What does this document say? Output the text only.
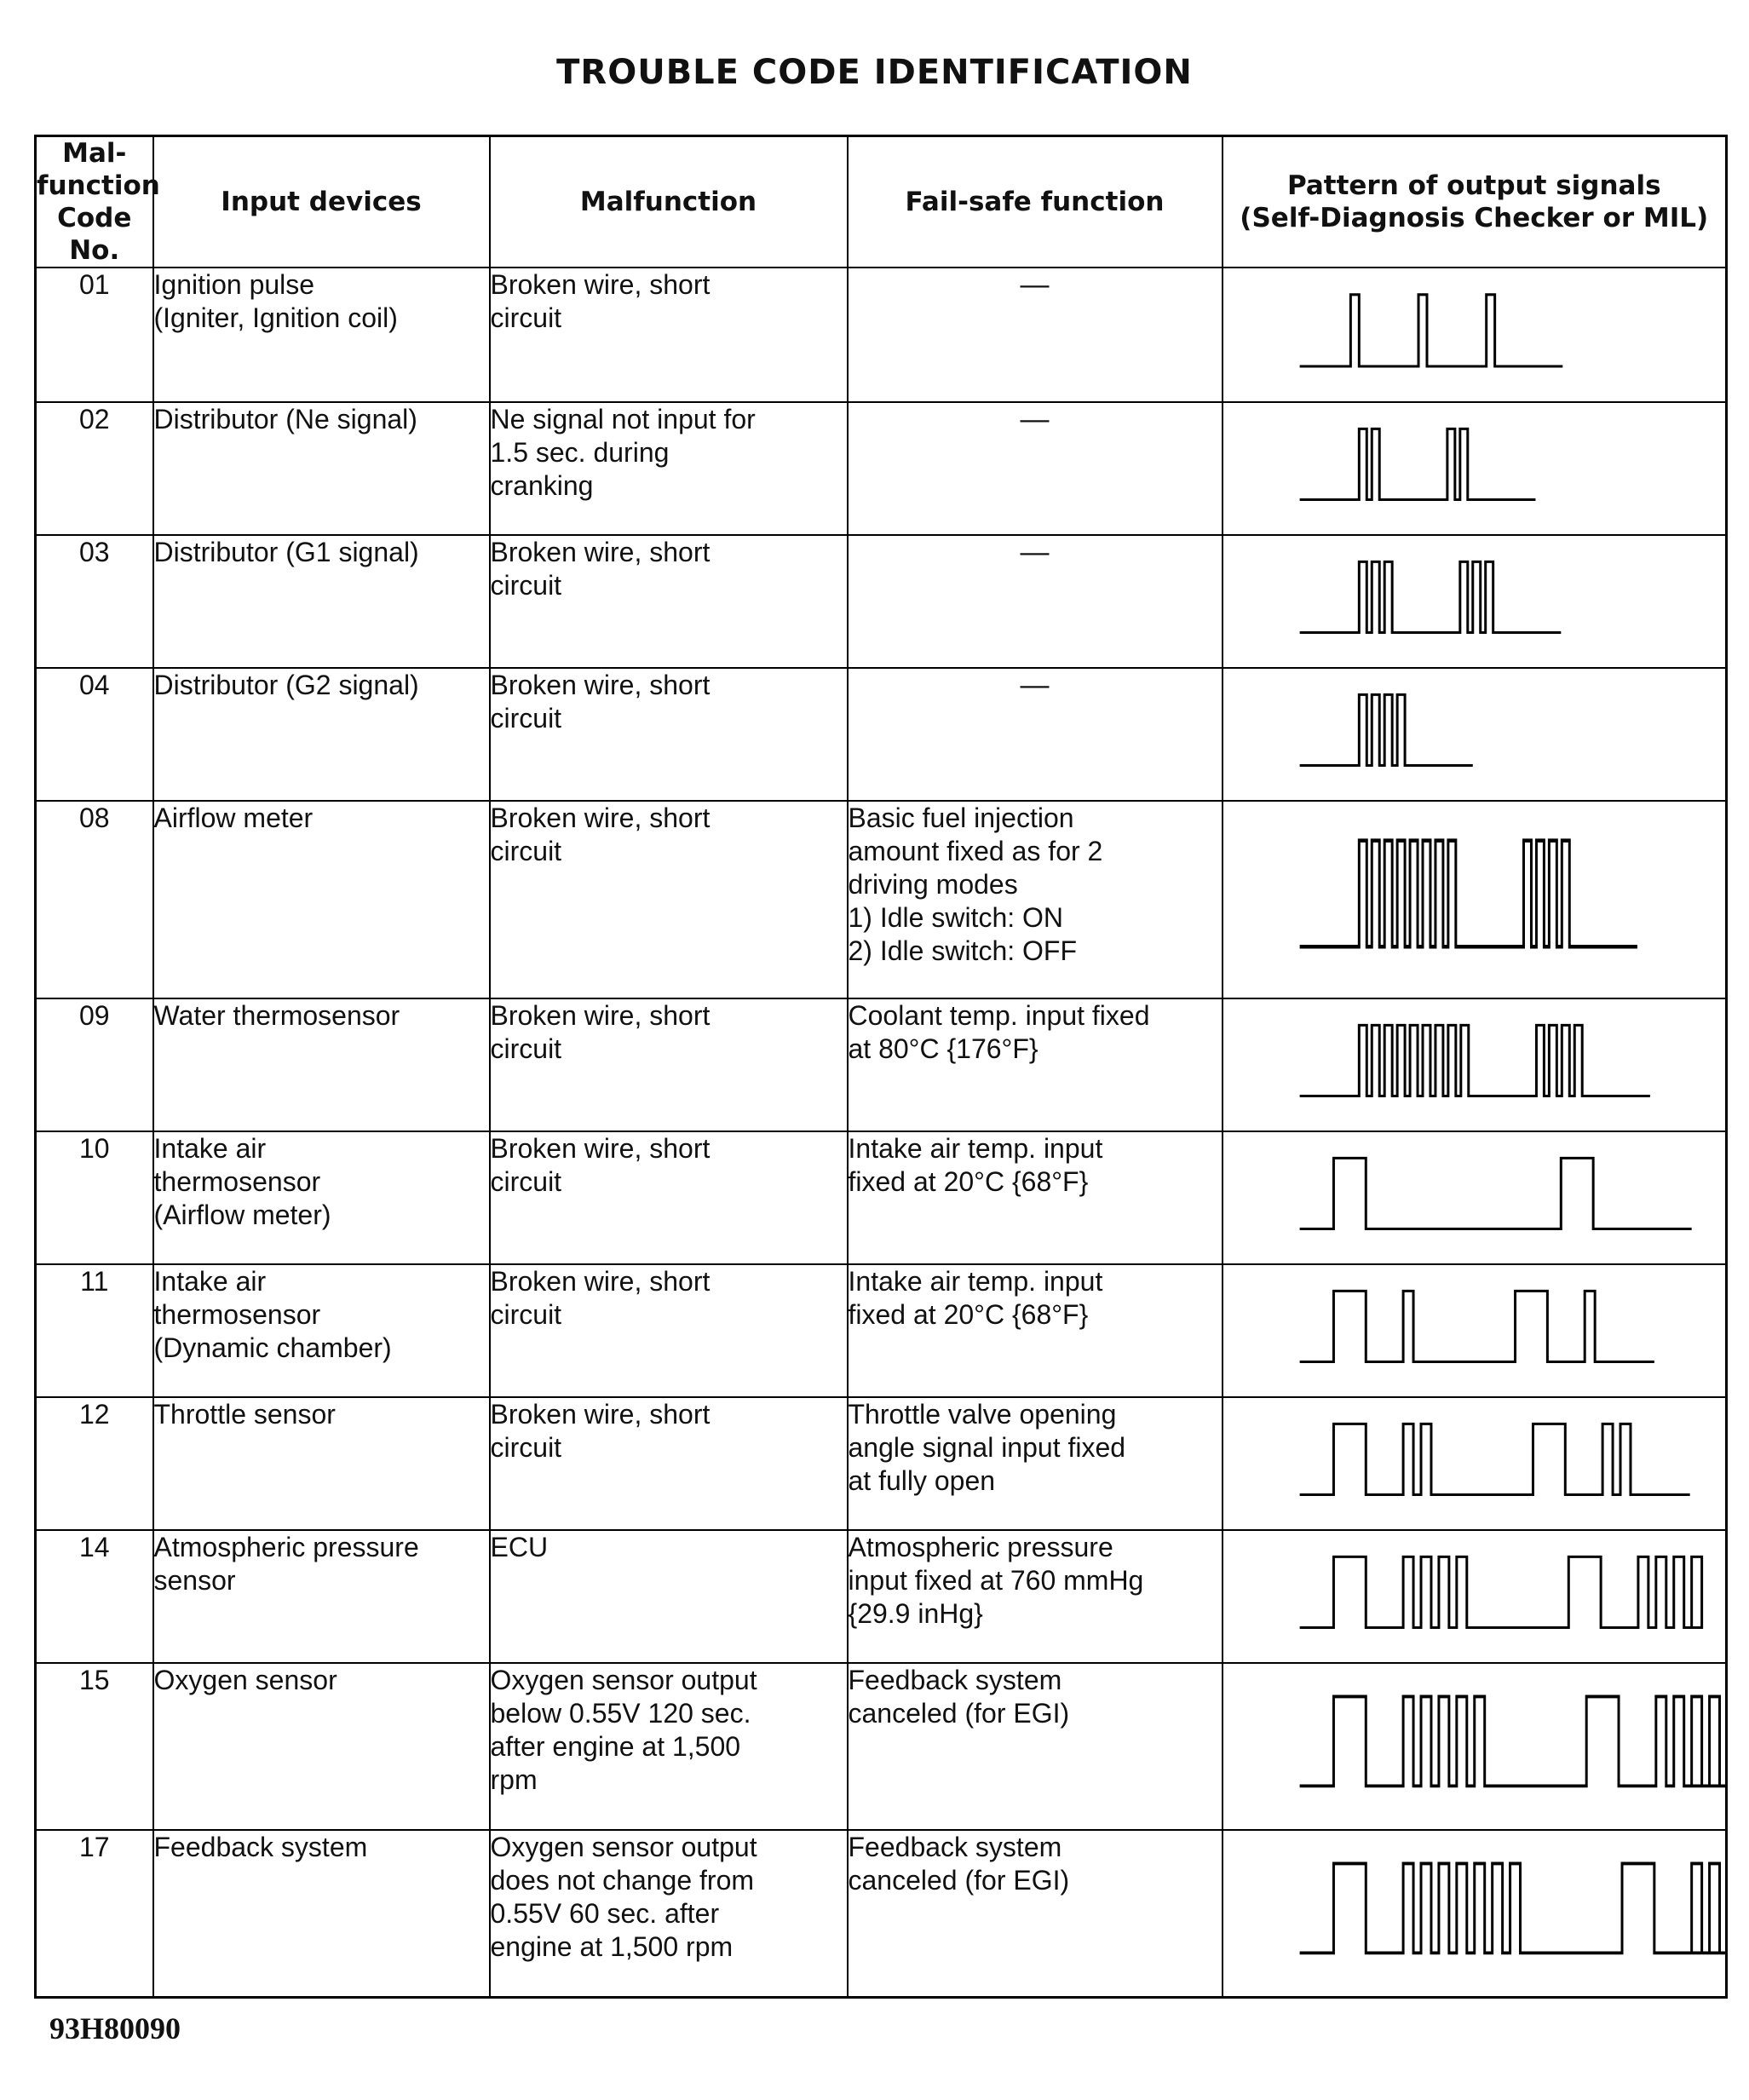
TROUBLE CODE IDENTIFICATION
Mal-
function
Code No.	Input devices	Malfunction	Fail-safe function	Pattern of output signals
(Self-Diagnosis Checker or MIL)
01	Ignition pulse
(Igniter, Ignition coil)	Broken wire, short
circuit	—	

02	Distributor (Ne signal)	Ne signal not input for
1.5 sec. during
cranking	—	

03	Distributor (G1 signal)	Broken wire, short
circuit	—	

04	Distributor (G2 signal)	Broken wire, short
circuit	—	

08	Airflow meter	Broken wire, short
circuit	Basic fuel injection
amount fixed as for 2
driving modes
1) Idle switch: ON
2) Idle switch: OFF	

09	Water thermosensor	Broken wire, short
circuit	Coolant temp. input fixed
at 80°C {176°F}	

10	Intake air
thermosensor
(Airflow meter)	Broken wire, short
circuit	Intake air temp. input
fixed at 20°C {68°F}	

11	Intake air
thermosensor
(Dynamic chamber)	Broken wire, short
circuit	Intake air temp. input
fixed at 20°C {68°F}	

12	Throttle sensor	Broken wire, short
circuit	Throttle valve opening
angle signal input fixed
at fully open	

14	Atmospheric pressure
sensor	ECU	Atmospheric pressure
input fixed at 760 mmHg
{29.9 inHg}	

15	Oxygen sensor	Oxygen sensor output
below 0.55V 120 sec.
after engine at 1,500
rpm	Feedback system
canceled (for EGI)	

17	Feedback system	Oxygen sensor output
does not change from
0.55V 60 sec. after
engine at 1,500 rpm	Feedback system
canceled (for EGI)	
93H80090
